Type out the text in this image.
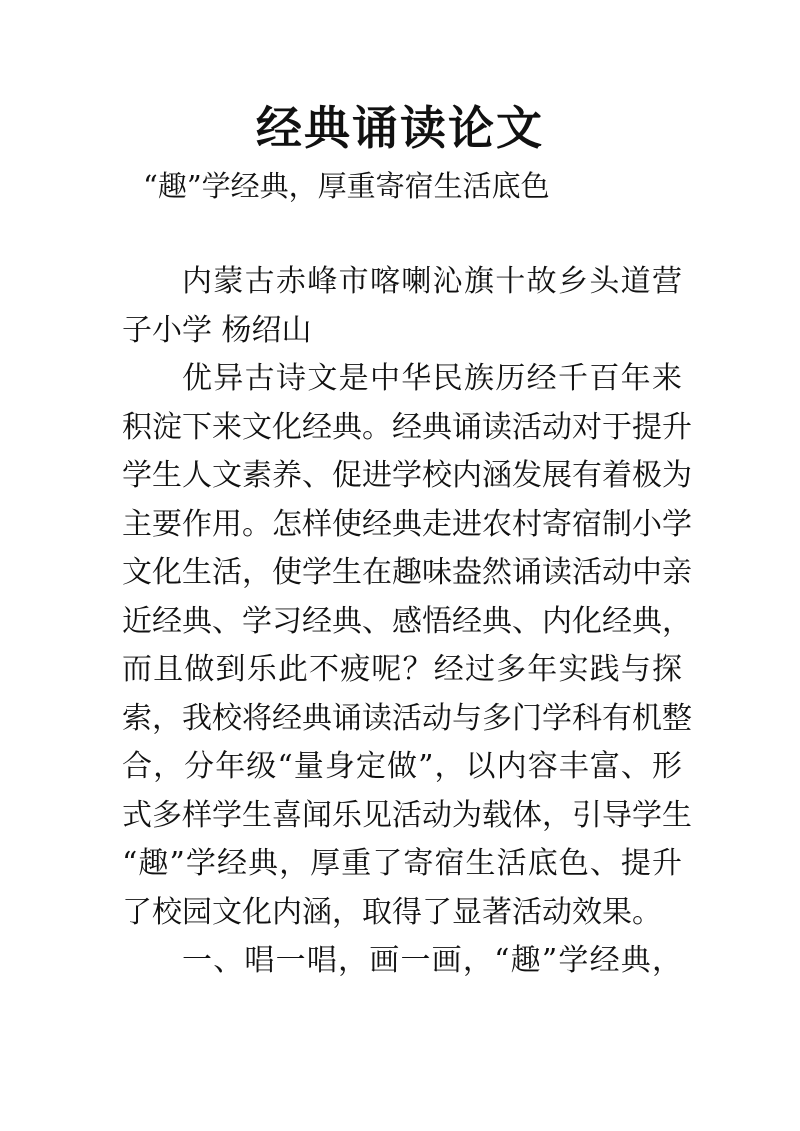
经典诵读论文
“趣”学经典，厚重寄宿生活底色
内蒙古赤峰市喀喇沁旗十故乡头道营
子小学 杨绍山
优异古诗文是中华民族历经千百年来
积淀下来文化经典。经典诵读活动对于提升
学生人文素养、促进学校内涵发展有着极为
主要作用。怎样使经典走进农村寄宿制小学
文化生活，使学生在趣味盎然诵读活动中亲
近经典、学习经典、感悟经典、内化经典，
而且做到乐此不疲呢？经过多年实践与探
索，我校将经典诵读活动与多门学科有机整
合，分年级“量身定做”，以内容丰富、形
式多样学生喜闻乐见活动为载体，引导学生
“趣”学经典，厚重了寄宿生活底色、提升
了校园文化内涵，取得了显著活动效果。
一、唱一唱，画一画，“趣”学经典，
